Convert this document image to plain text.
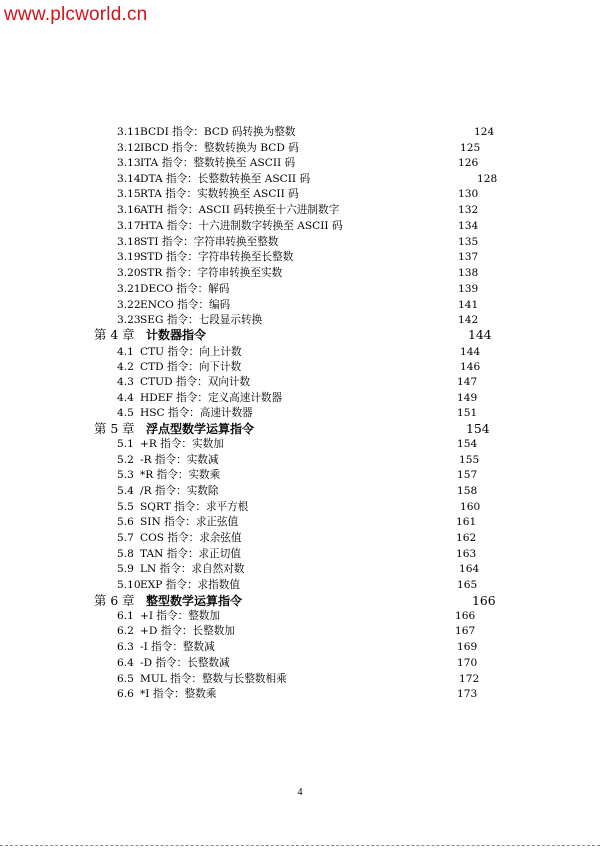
www.plcworld.cn
3.11 BCDI 指令：BCD 码转换为整数	124
3.12 IBCD 指令：整数转换为 BCD 码	125
3.13 ITA 指令：整数转换至 ASCII 码	126
3.14 DTA 指令：长整数转换至 ASCII 码	128
3.15 RTA 指令：实数转换至 ASCII 码	130
3.16 ATH 指令：ASCII 码转换至十六进制数字	132
3.17 HTA 指令：十六进制数字转换至 ASCII 码	134
3.18 STI 指令：字符串转换至整数	135
3.19 STD 指令：字符串转换至长整数	137
3.20 STR 指令：字符串转换至实数	138
3.21 DECO 指令：解码	139
3.22 ENCO 指令：编码	141
3.23 SEG 指令：七段显示转换	142
第 4 章 计数器指令	144
4.1 CTU 指令：向上计数	144
4.2 CTD 指令：向下计数	146
4.3 CTUD 指令：双向计数	147
4.4 HDEF 指令：定义高速计数器	149
4.5 HSC 指令：高速计数器	151
第 5 章 浮点型数学运算指令	154
5.1 +R 指令：实数加	154
5.2 -R 指令：实数减	155
5.3 *R 指令：实数乘	157
5.4 /R 指令：实数除	158
5.5 SQRT 指令：求平方根	160
5.6 SIN 指令：求正弦值	161
5.7 COS 指令：求余弦值	162
5.8 TAN 指令：求正切值	163
5.9 LN 指令：求自然对数	164
5.10 EXP 指令：求指数值	165
第 6 章 整型数学运算指令	166
6.1 +I 指令：整数加	166
6.2 +D 指令：长整数加	167
6.3 -I 指令：整数减	169
6.4 -D 指令：长整数减	170
6.5 MUL 指令：整数与长整数相乘	172
6.6 *I 指令：整数乘	173
4
